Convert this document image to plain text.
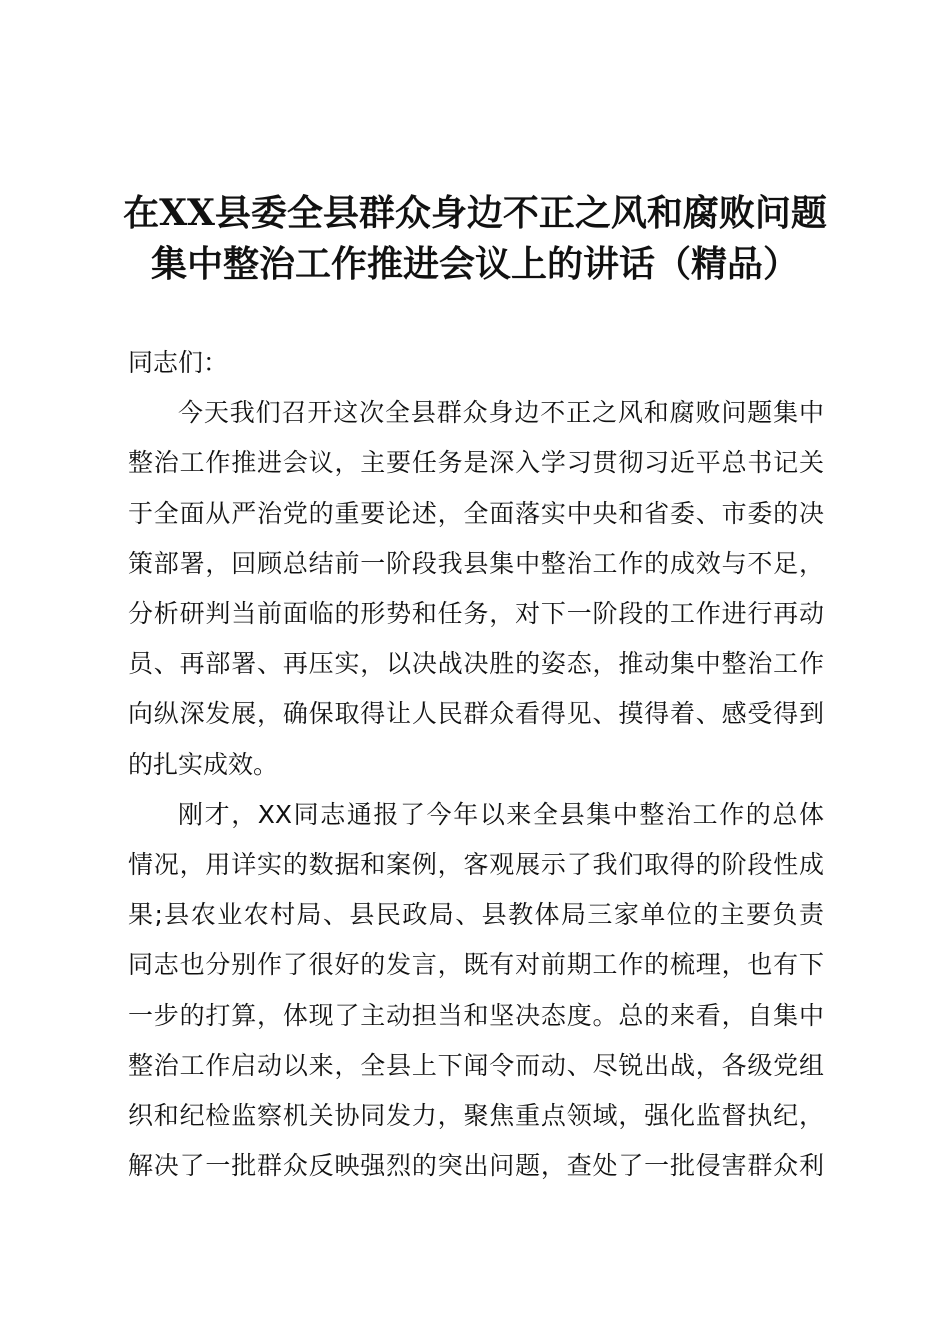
在XX县委全县群众身边不正之风和腐败问题
集中整治工作推进会议上的讲话（精品）

同志们：

今天我们召开这次全县群众身边不正之风和腐败问题集中
整治工作推进会议，主要任务是深入学习贯彻习近平总书记关
于全面从严治党的重要论述，全面落实中央和省委、市委的决
策部署，回顾总结前一阶段我县集中整治工作的成效与不足，
分析研判当前面临的形势和任务，对下一阶段的工作进行再动
员、再部署、再压实，以决战决胜的姿态，推动集中整治工作
向纵深发展，确保取得让人民群众看得见、摸得着、感受得到
的扎实成效。

刚才，XX同志通报了今年以来全县集中整治工作的总体
情况，用详实的数据和案例，客观展示了我们取得的阶段性成
果;县农业农村局、县民政局、县教体局三家单位的主要负责
同志也分别作了很好的发言，既有对前期工作的梳理，也有下
一步的打算，体现了主动担当和坚决态度。总的来看，自集中
整治工作启动以来，全县上下闻令而动、尽锐出战，各级党组
织和纪检监察机关协同发力，聚焦重点领域，强化监督执纪，
解决了一批群众反映强烈的突出问题，查处了一批侵害群众利
